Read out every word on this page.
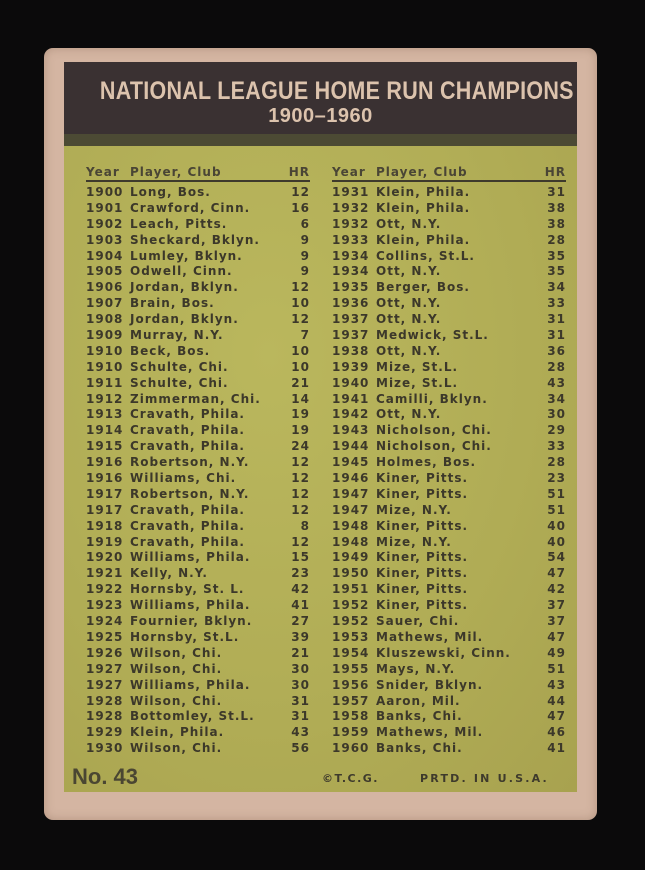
NATIONAL LEAGUE HOME RUN CHAMPIONS
1900–1960
Year Player, Club	HR
1900 Long, Bos.	12
1901 Crawford, Cinn.	16
1902 Leach, Pitts.	6
1903 Sheckard, Bklyn.	9
1904 Lumley, Bklyn.	9
1905 Odwell, Cinn.	9
1906 Jordan, Bklyn.	12
1907 Brain, Bos.	10
1908 Jordan, Bklyn.	12
1909 Murray, N.Y.	7
1910 Beck, Bos.	10
1910 Schulte, Chi.	10
1911 Schulte, Chi.	21
1912 Zimmerman, Chi.	14
1913 Cravath, Phila.	19
1914 Cravath, Phila.	19
1915 Cravath, Phila.	24
1916 Robertson, N.Y.	12
1916 Williams, Chi.	12
1917 Robertson, N.Y.	12
1917 Cravath, Phila.	12
1918 Cravath, Phila.	8
1919 Cravath, Phila.	12
1920 Williams, Phila.	15
1921 Kelly, N.Y.	23
1922 Hornsby, St. L.	42
1923 Williams, Phila.	41
1924 Fournier, Bklyn.	27
1925 Hornsby, St.L.	39
1926 Wilson, Chi.	21
1927 Wilson, Chi.	30
1927 Williams, Phila.	30
1928 Wilson, Chi.	31
1928 Bottomley, St.L.	31
1929 Klein, Phila.	43
1930 Wilson, Chi.	56
Year Player, Club	HR
1931 Klein, Phila.	31
1932 Klein, Phila.	38
1932 Ott, N.Y.	38
1933 Klein, Phila.	28
1934 Collins, St.L.	35
1934 Ott, N.Y.	35
1935 Berger, Bos.	34
1936 Ott, N.Y.	33
1937 Ott, N.Y.	31
1937 Medwick, St.L.	31
1938 Ott, N.Y.	36
1939 Mize, St.L.	28
1940 Mize, St.L.	43
1941 Camilli, Bklyn.	34
1942 Ott, N.Y.	30
1943 Nicholson, Chi.	29
1944 Nicholson, Chi.	33
1945 Holmes, Bos.	28
1946 Kiner, Pitts.	23
1947 Kiner, Pitts.	51
1947 Mize, N.Y.	51
1948 Kiner, Pitts.	40
1948 Mize, N.Y.	40
1949 Kiner, Pitts.	54
1950 Kiner, Pitts.	47
1951 Kiner, Pitts.	42
1952 Kiner, Pitts.	37
1952 Sauer, Chi.	37
1953 Mathews, Mil.	47
1954 Kluszewski, Cinn.	49
1955 Mays, N.Y.	51
1956 Snider, Bklyn.	43
1957 Aaron, Mil.	44
1958 Banks, Chi.	47
1959 Mathews, Mil.	46
1960 Banks, Chi.	41
No. 43	©T.C.G.	PRTD. IN U.S.A.
